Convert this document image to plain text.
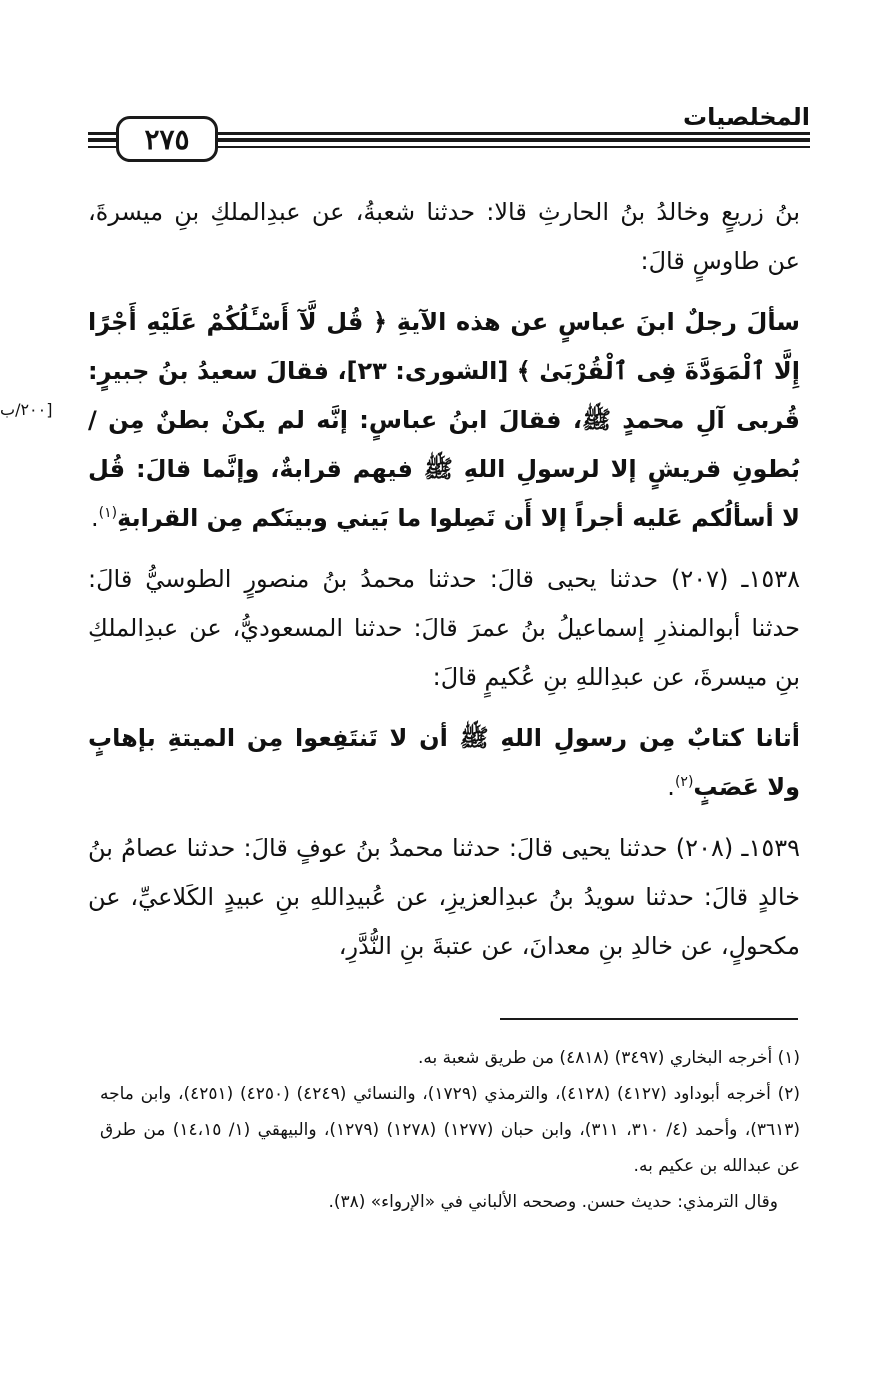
٢٧٥
المخلصيات
[٢٠٠/ب

بنُ زريعٍ وخالدُ بنُ الحارثِ قالا: حدثنا شعبةُ، عن عبدِالملكِ بنِ ميسرةَ، عن طاوسٍ قالَ:

سألَ رجلٌ ابنَ عباسٍ عن هذه الآيةِ ﴿ قُل لَّآ أَسْـَٔلُكُمْ عَلَيْهِ أَجْرًا إِلَّا ٱلْمَوَدَّةَ فِى ٱلْقُرْبَىٰ ﴾ [الشورى: ٢٣]، فقالَ سعيدُ بنُ جبيرٍ: قُربى آلِ محمدٍ ﷺ، فقالَ ابنُ عباسٍ: إنَّه لم يكنْ بطنٌ مِن / بُطونِ قريشٍ إلا لرسولِ اللهِ ﷺ فيهم قرابةٌ، وإنَّما قالَ: قُل لا أسألُكم عَليه أجراً إلا أَن تَصِلوا ما بَيني وبينَكم مِن القرابةِ$^{(١)}$.

١٥٣٨ـ (٢٠٧) حدثنا يحيى قالَ: حدثنا محمدُ بنُ منصورٍ الطوسيُّ قالَ: حدثنا أبوالمنذرِ إسماعيلُ بنُ عمرَ قالَ: حدثنا المسعوديُّ، عن عبدِالملكِ بنِ ميسرةَ، عن عبدِاللهِ بنِ عُكيمٍ قالَ:

أتانا كتابٌ مِن رسولِ اللهِ ﷺ أن لا تَنتَفِعوا مِن الميتةِ بإهابٍ ولا عَصَبٍ$^{(٢)}$.

١٥٣٩ـ (٢٠٨) حدثنا يحيى قالَ: حدثنا محمدُ بنُ عوفٍ قالَ: حدثنا عصامُ بنُ خالدٍ قالَ: حدثنا سويدُ بنُ عبدِالعزيزِ، عن عُبيدِاللهِ بنِ عبيدٍ الكَلاعيِّ، عن مكحولٍ، عن خالدِ بنِ معدانَ، عن عتبةَ بنِ النُّدَّرِ،

(١) أخرجه البخاري (٣٤٩٧) (٤٨١٨) من طريق شعبة به.

(٢) أخرجه أبوداود (٤١٢٧) (٤١٢٨)، والترمذي (١٧٢٩)، والنسائي (٤٢٤٩) (٤٢٥٠) (٤٢٥١)، وابن ماجه (٣٦١٣)، وأحمد (٤/ ٣١٠، ٣١١)، وابن حبان (١٢٧٧) (١٢٧٨) (١٢٧٩)، والبيهقي (١/ ١٤،١٥) من طرق عن عبدالله بن عكيم به.

وقال الترمذي: حديث حسن. وصححه الألباني في «الإرواء» (٣٨).
